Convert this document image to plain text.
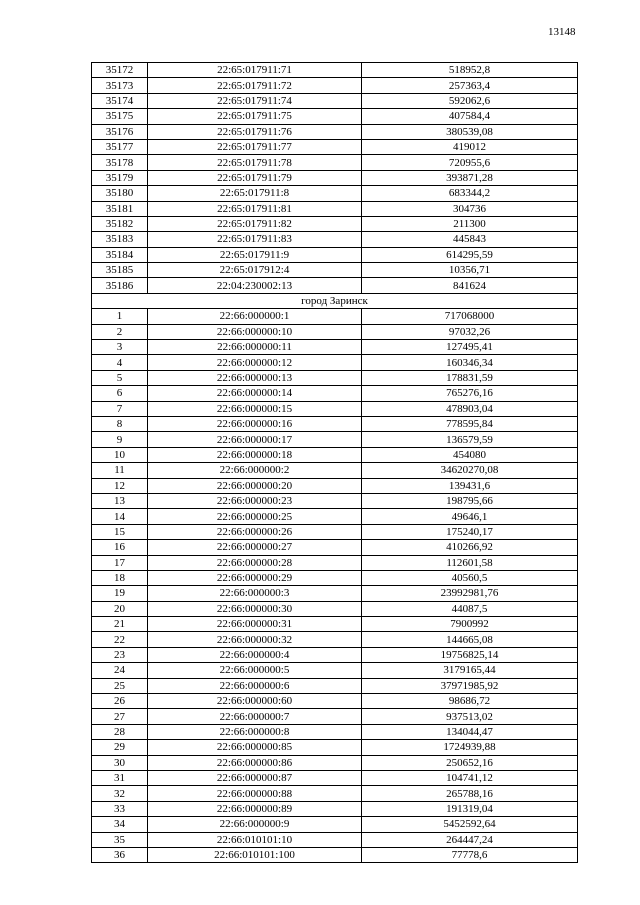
13148
35172	22:65:017911:71	518952,8
35173	22:65:017911:72	257363,4
35174	22:65:017911:74	592062,6
35175	22:65:017911:75	407584,4
35176	22:65:017911:76	380539,08
35177	22:65:017911:77	419012
35178	22:65:017911:78	720955,6
35179	22:65:017911:79	393871,28
35180	22:65:017911:8	683344,2
35181	22:65:017911:81	304736
35182	22:65:017911:82	211300
35183	22:65:017911:83	445843
35184	22:65:017911:9	614295,59
35185	22:65:017912:4	10356,71
35186	22:04:230002:13	841624
город Заринск		
1	22:66:000000:1	717068000
2	22:66:000000:10	97032,26
3	22:66:000000:11	127495,41
4	22:66:000000:12	160346,34
5	22:66:000000:13	178831,59
6	22:66:000000:14	765276,16
7	22:66:000000:15	478903,04
8	22:66:000000:16	778595,84
9	22:66:000000:17	136579,59
10	22:66:000000:18	454080
11	22:66:000000:2	34620270,08
12	22:66:000000:20	139431,6
13	22:66:000000:23	198795,66
14	22:66:000000:25	49646,1
15	22:66:000000:26	175240,17
16	22:66:000000:27	410266,92
17	22:66:000000:28	112601,58
18	22:66:000000:29	40560,5
19	22:66:000000:3	23992981,76
20	22:66:000000:30	44087,5
21	22:66:000000:31	7900992
22	22:66:000000:32	144665,08
23	22:66:000000:4	19756825,14
24	22:66:000000:5	3179165,44
25	22:66:000000:6	37971985,92
26	22:66:000000:60	98686,72
27	22:66:000000:7	937513,02
28	22:66:000000:8	134044,47
29	22:66:000000:85	1724939,88
30	22:66:000000:86	250652,16
31	22:66:000000:87	104741,12
32	22:66:000000:88	265788,16
33	22:66:000000:89	191319,04
34	22:66:000000:9	5452592,64
35	22:66:010101:10	264447,24
36	22:66:010101:100	77778,6
